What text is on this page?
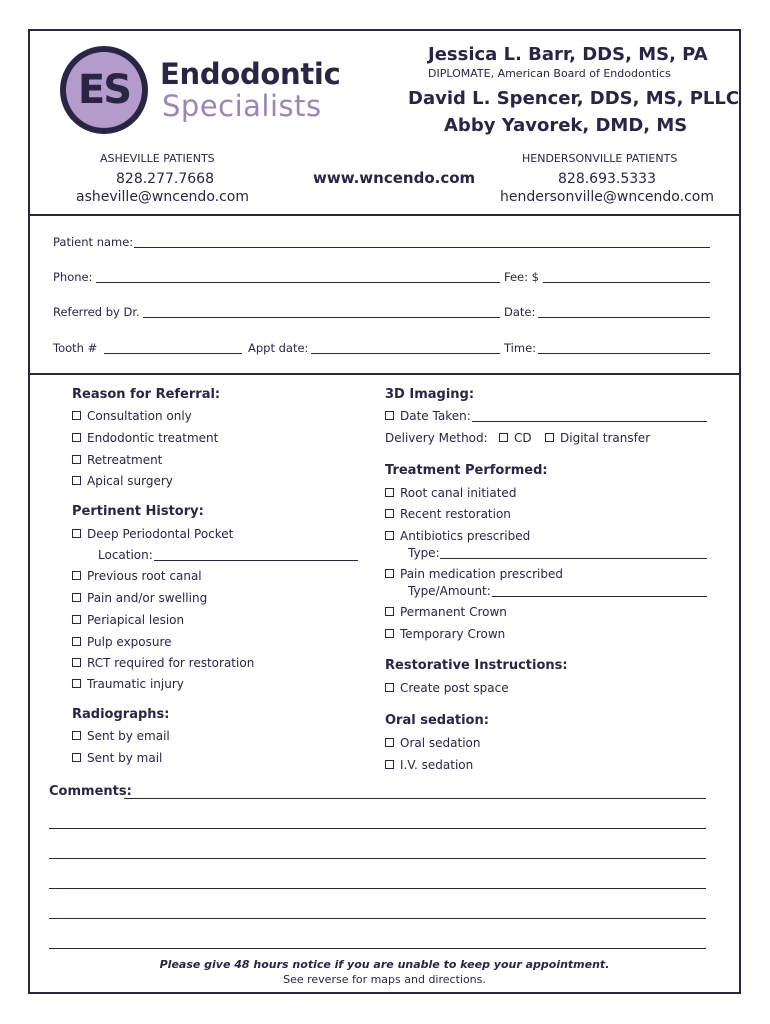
ES	Endodontic
Specialists
Jessica L. Barr, DDS, MS, PA
DIPLOMATE, American Board of Endodontics
David L. Spencer, DDS, MS, PLLC
Abby Yavorek, DMD, MS
ASHEVILLE PATIENTS
828.277.7668
asheville@wncendo.com
www.wncendo.com
HENDERSONVILLE PATIENTS
828.693.5333
hendersonville@wncendo.com
Patient name:
Phone:	Fee: $
Referred by Dr.	Date:
Tooth #	Appt date:	Time:
Reason for Referral:
Consultation only
Endodontic treatment
Retreatment
Apical surgery
Pertinent History:
Deep Periodontal Pocket
Location:
Previous root canal
Pain and/or swelling
Periapical lesion
Pulp exposure
RCT required for restoration
Traumatic injury
Radiographs:
Sent by email
Sent by mail
3D Imaging:
Date Taken:
Delivery Method:	CD	Digital transfer
Treatment Performed:
Root canal initiated
Recent restoration
Antibiotics prescribed
Type:
Pain medication prescribed
Type/Amount:
Permanent Crown
Temporary Crown
Restorative Instructions:
Create post space
Oral sedation:
Oral sedation
I.V. sedation
Comments:
Please give 48 hours notice if you are unable to keep your appointment.
See reverse for maps and directions.
